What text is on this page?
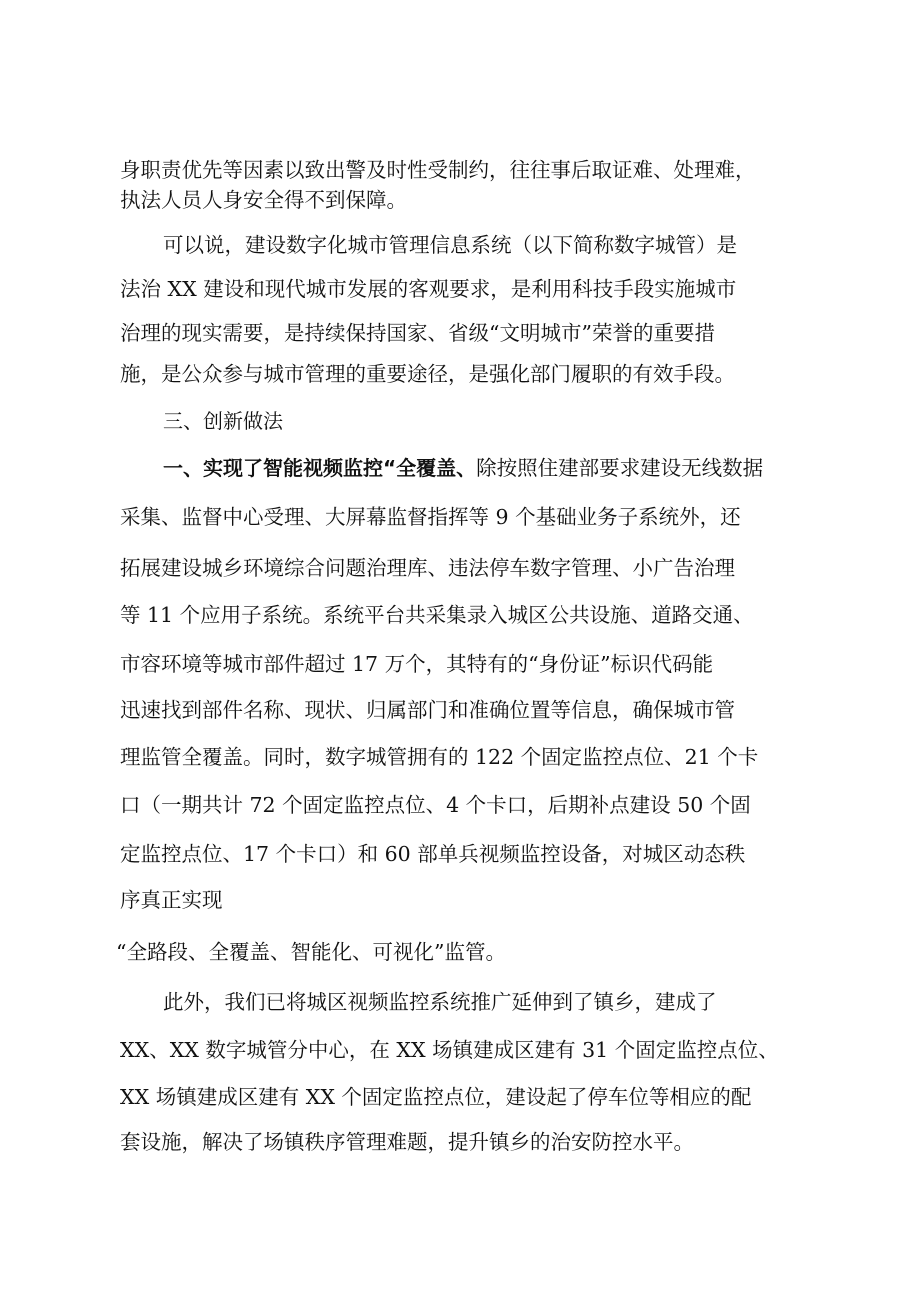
身职责优先等因素以致出警及时性受制约，往往事后取证难、处理难，

执法人员人身安全得不到保障。

可以说，建设数字化城市管理信息系统（以下简称数字城管）是

法治 XX 建设和现代城市发展的客观要求，是利用科技手段实施城市

治理的现实需要，是持续保持国家、省级“文明城市”荣誉的重要措

施，是公众参与城市管理的重要途径，是强化部门履职的有效手段。

三、创新做法

一、实现了智能视频监控“全覆盖、除按照住建部要求建设无线数据

采集、监督中心受理、大屏幕监督指挥等 9 个基础业务子系统外，还

拓展建设城乡环境综合问题治理库、违法停车数字管理、小广告治理

等 11 个应用子系统。系统平台共采集录入城区公共设施、道路交通、

市容环境等城市部件超过 17 万个，其特有的“身份证”标识代码能

迅速找到部件名称、现状、归属部门和准确位置等信息，确保城市管

理监管全覆盖。同时，数字城管拥有的 122 个固定监控点位、21 个卡

口（一期共计 72 个固定监控点位、4 个卡口，后期补点建设 50 个固

定监控点位、17 个卡口）和 60 部单兵视频监控设备，对城区动态秩

序真正实现

“全路段、全覆盖、智能化、可视化”监管。

此外，我们已将城区视频监控系统推广延伸到了镇乡，建成了

XX、XX 数字城管分中心，在 XX 场镇建成区建有 31 个固定监控点位、

XX 场镇建成区建有 XX 个固定监控点位，建设起了停车位等相应的配

套设施，解决了场镇秩序管理难题，提升镇乡的治安防控水平。
